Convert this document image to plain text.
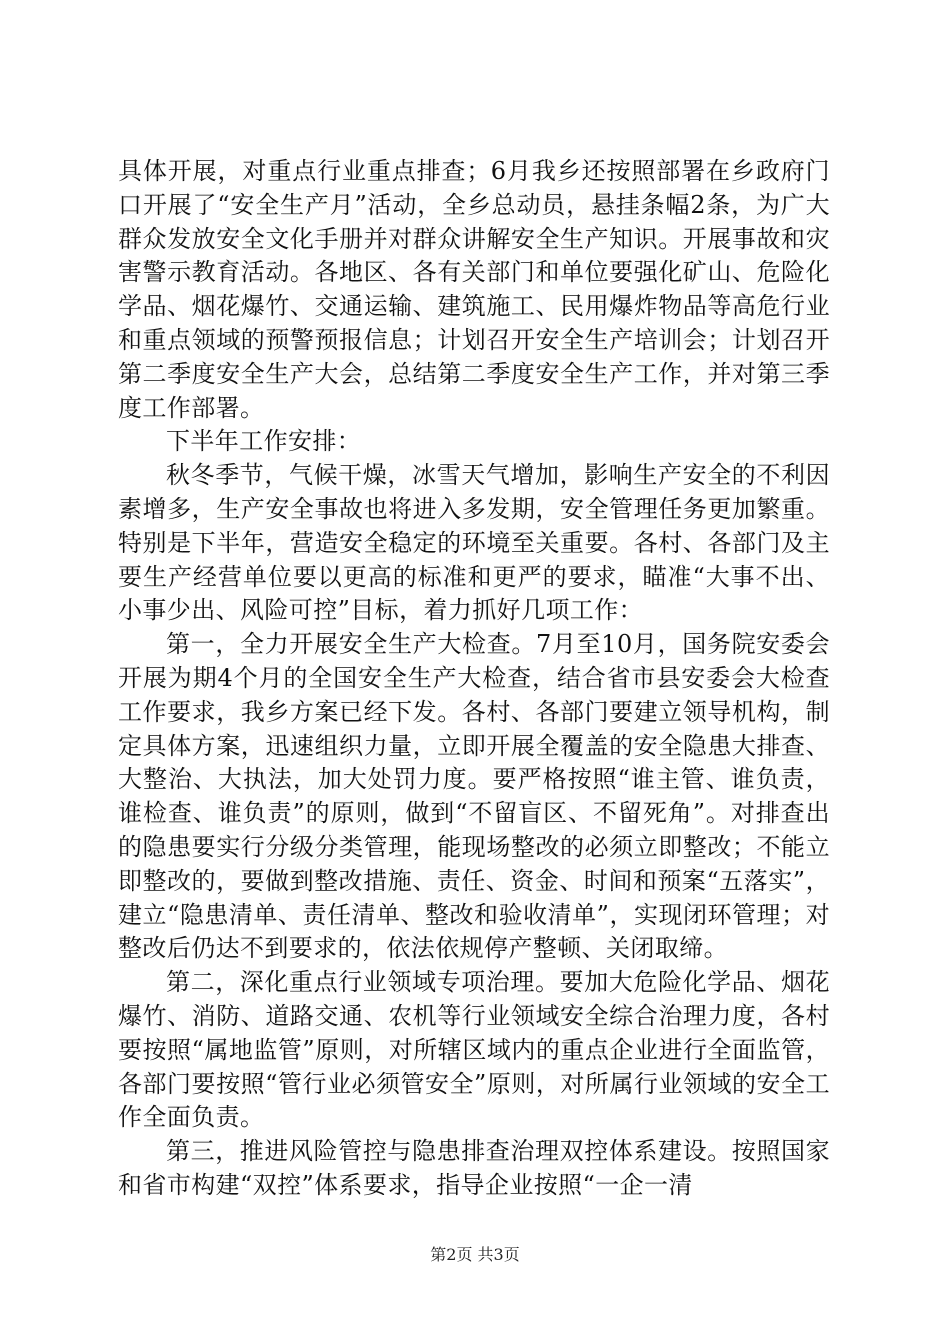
具体开展，对重点行业重点排查；6月我乡还按照部署在乡政府门口开展了“安全生产月”活动，全乡总动员，悬挂条幅2条，为广大群众发放安全文化手册并对群众讲解安全生产知识。开展事故和灾害警示教育活动。各地区、各有关部门和单位要强化矿山、危险化学品、烟花爆竹、交通运输、建筑施工、民用爆炸物品等高危行业和重点领域的预警预报信息；计划召开安全生产培训会；计划召开第二季度安全生产大会，总结第二季度安全生产工作，并对第三季度工作部署。

下半年工作安排：

秋冬季节，气候干燥，冰雪天气增加，影响生产安全的不利因素增多，生产安全事故也将进入多发期，安全管理任务更加繁重。特别是下半年，营造安全稳定的环境至关重要。各村、各部门及主要生产经营单位要以更高的标准和更严的要求，瞄准“大事不出、小事少出、风险可控”目标，着力抓好几项工作：

第一，全力开展安全生产大检查。7月至10月，国务院安委会开展为期4个月的全国安全生产大检查，结合省市县安委会大检查工作要求，我乡方案已经下发。各村、各部门要建立领导机构，制定具体方案，迅速组织力量，立即开展全覆盖的安全隐患大排查、大整治、大执法，加大处罚力度。要严格按照“谁主管、谁负责，谁检查、谁负责”的原则，做到“不留盲区、不留死角”。对排查出的隐患要实行分级分类管理，能现场整改的必须立即整改；不能立即整改的，要做到整改措施、责任、资金、时间和预案“五落实”，建立“隐患清单、责任清单、整改和验收清单”，实现闭环管理；对整改后仍达不到要求的，依法依规停产整顿、关闭取缔。

第二，深化重点行业领域专项治理。要加大危险化学品、烟花爆竹、消防、道路交通、农机等行业领域安全综合治理力度，各村要按照“属地监管”原则，对所辖区域内的重点企业进行全面监管，各部门要按照“管行业必须管安全”原则，对所属行业领域的安全工作全面负责。

第三，推进风险管控与隐患排查治理双控体系建设。按照国家和省市构建“双控”体系要求，指导企业按照“一企一清

第2页 共3页
